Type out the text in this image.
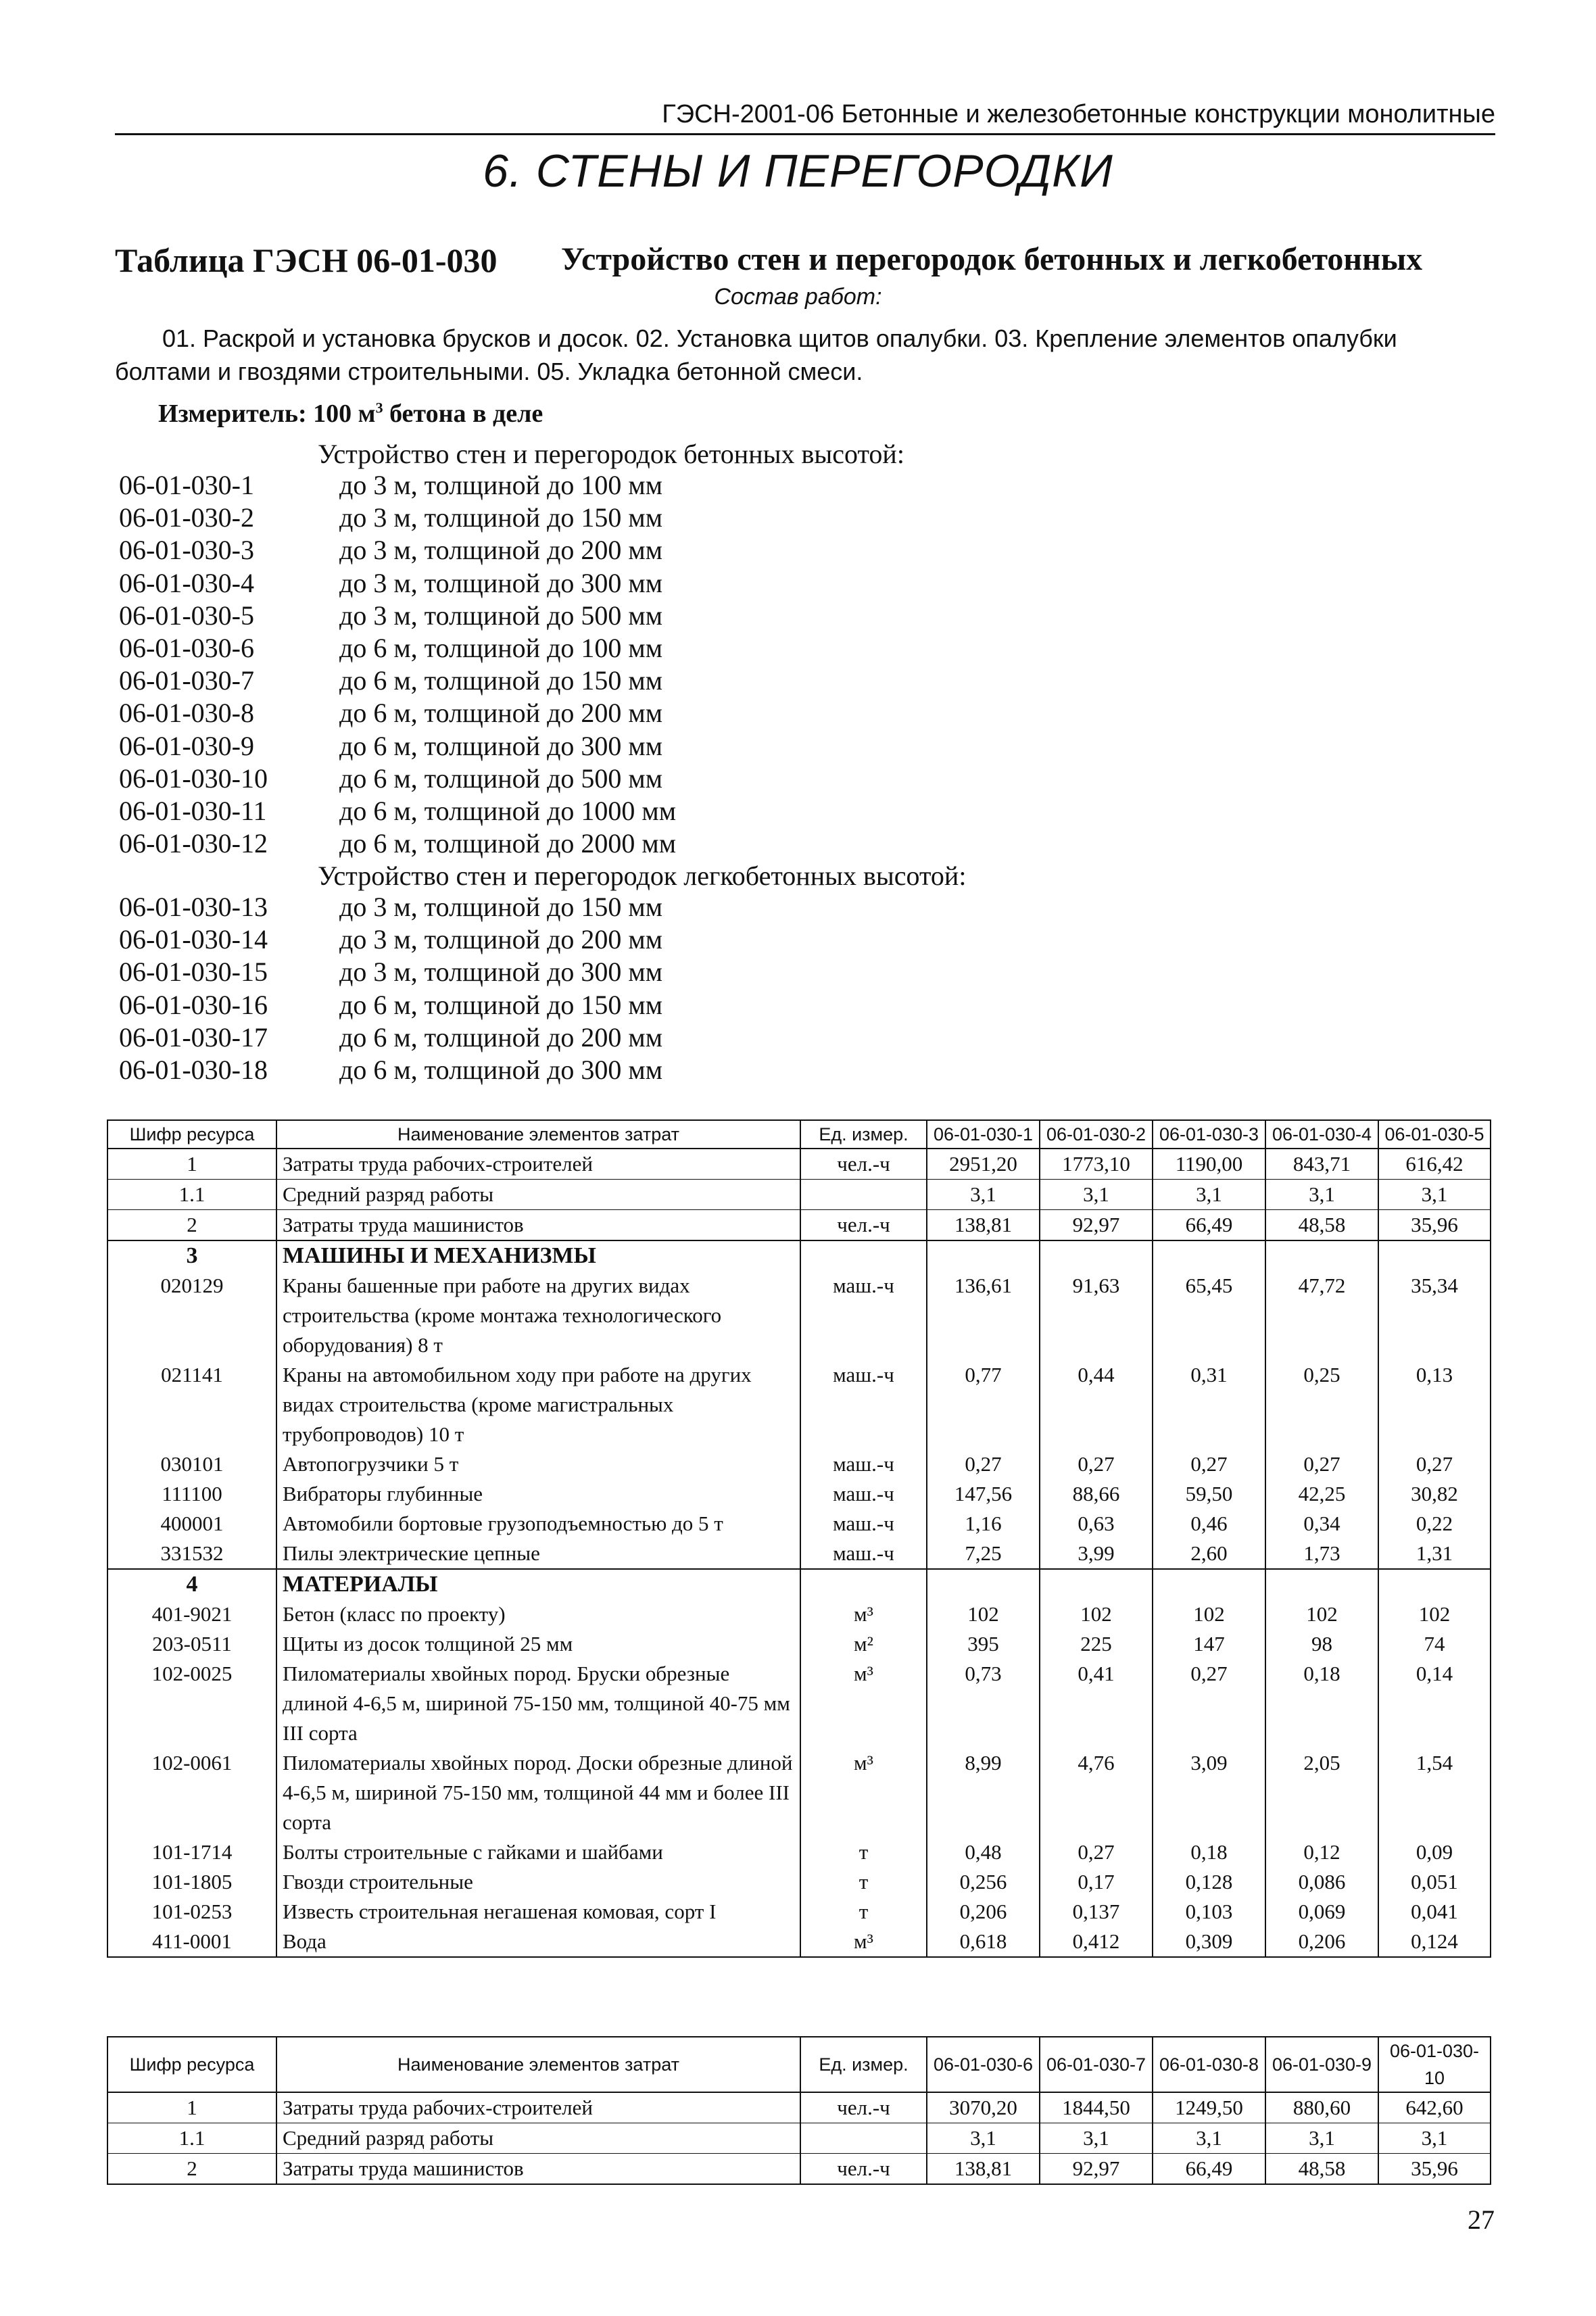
ГЭСН-2001-06 Бетонные и железобетонные конструкции монолитные
6. СТЕНЫ И ПЕРЕГОРОДКИ
Таблица ГЭСН 06-01-030 Устройство стен и перегородок бетонных и легкобетонных
Состав работ:
01. Раскрой и установка брусков и досок. 02. Установка щитов опалубки. 03. Крепление элементов опалубки болтами и гвоздями строительными. 05. Укладка бетонной смеси.
Измеритель: 100 $м^3$ бетона в деле
Устройство стен и перегородок бетонных высотой:
06-01-030-1	до 3 м, толщиной до 100 мм
06-01-030-2	до 3 м, толщиной до 150 мм
06-01-030-3	до 3 м, толщиной до 200 мм
06-01-030-4	до 3 м, толщиной до 300 мм
06-01-030-5	до 3 м, толщиной до 500 мм
06-01-030-6	до 6 м, толщиной до 100 мм
06-01-030-7	до 6 м, толщиной до 150 мм
06-01-030-8	до 6 м, толщиной до 200 мм
06-01-030-9	до 6 м, толщиной до 300 мм
06-01-030-10	до 6 м, толщиной до 500 мм
06-01-030-11	до 6 м, толщиной до 1000 мм
06-01-030-12	до 6 м, толщиной до 2000 мм
Устройство стен и перегородок легкобетонных высотой:
06-01-030-13	до 3 м, толщиной до 150 мм
06-01-030-14	до 3 м, толщиной до 200 мм
06-01-030-15	до 3 м, толщиной до 300 мм
06-01-030-16	до 6 м, толщиной до 150 мм
06-01-030-17	до 6 м, толщиной до 200 мм
06-01-030-18	до 6 м, толщиной до 300 мм
Шифр ресурса	Наименование элементов затрат	Ед. измер.	06-01-030-1	06-01-030-2	06-01-030-3	06-01-030-4	06-01-030-5
1	Затраты труда рабочих-строителей	чел.-ч	2951,20	1773,10	1190,00	843,71	616,42
1.1	Средний разряд работы		3,1	3,1	3,1	3,1	3,1
2	Затраты труда машинистов	чел.-ч	138,81	92,97	66,49	48,58	35,96
3	МАШИНЫ И МЕХАНИЗМЫ						
020129	Краны башенные при работе на других видах строительства (кроме монтажа технологического оборудования) 8 т	маш.-ч	136,61	91,63	65,45	47,72	35,34
021141	Краны на автомобильном ходу при работе на других видах строительства (кроме магистральных трубопроводов) 10 т	маш.-ч	0,77	0,44	0,31	0,25	0,13
030101	Автопогрузчики 5 т	маш.-ч	0,27	0,27	0,27	0,27	0,27
111100	Вибраторы глубинные	маш.-ч	147,56	88,66	59,50	42,25	30,82
400001	Автомобили бортовые грузоподъемностью до 5 т	маш.-ч	1,16	0,63	0,46	0,34	0,22
331532	Пилы электрические цепные	маш.-ч	7,25	3,99	2,60	1,73	1,31
4	МАТЕРИАЛЫ						
401-9021	Бетон (класс по проекту)	м³	102	102	102	102	102
203-0511	Щиты из досок толщиной 25 мм	м²	395	225	147	98	74
102-0025	Пиломатериалы хвойных пород. Бруски обрезные длиной 4-6,5 м, шириной 75-150 мм, толщиной 40-75 мм III сорта	м³	0,73	0,41	0,27	0,18	0,14
102-0061	Пиломатериалы хвойных пород. Доски обрезные длиной 4-6,5 м, шириной 75-150 мм, толщиной 44 мм и более III сорта	м³	8,99	4,76	3,09	2,05	1,54
101-1714	Болты строительные с гайками и шайбами	т	0,48	0,27	0,18	0,12	0,09
101-1805	Гвозди строительные	т	0,256	0,17	0,128	0,086	0,051
101-0253	Известь строительная негашеная комовая, сорт I	т	0,206	0,137	0,103	0,069	0,041
411-0001	Вода	м³	0,618	0,412	0,309	0,206	0,124
Шифр ресурса	Наименование элементов затрат	Ед. измер.	06-01-030-6	06-01-030-7	06-01-030-8	06-01-030-9	06-01-030-10
1	Затраты труда рабочих-строителей	чел.-ч	3070,20	1844,50	1249,50	880,60	642,60
1.1	Средний разряд работы		3,1	3,1	3,1	3,1	3,1
2	Затраты труда машинистов	чел.-ч	138,81	92,97	66,49	48,58	35,96
27
